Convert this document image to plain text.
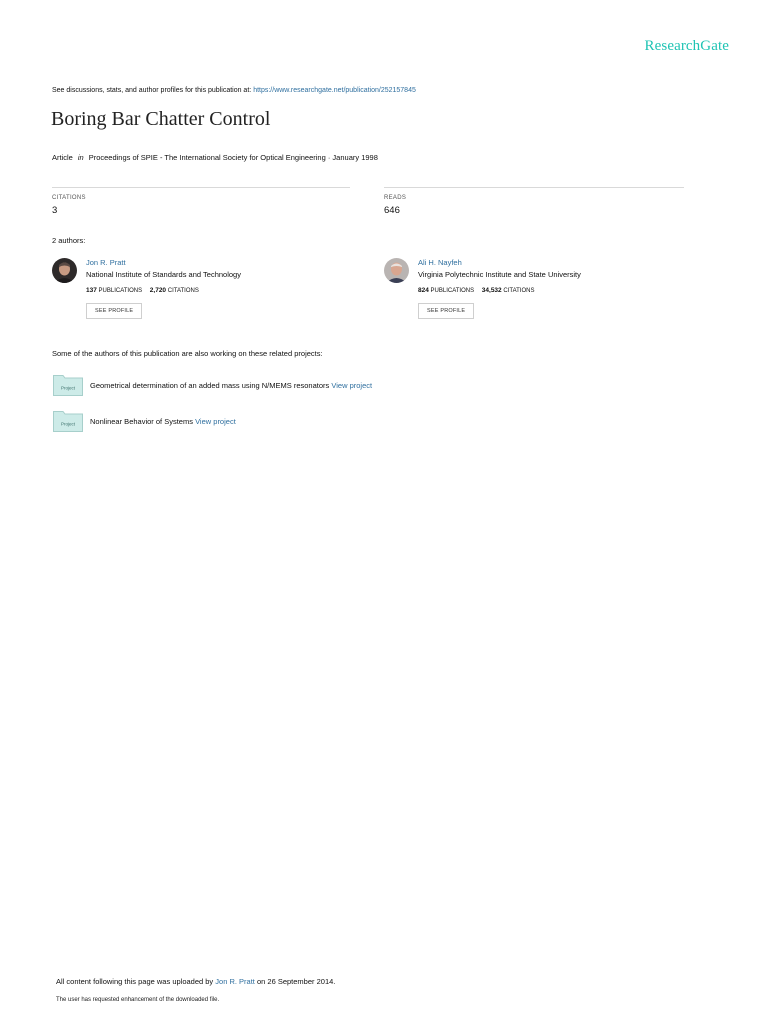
ResearchGate
See discussions, stats, and author profiles for this publication at: https://www.researchgate.net/publication/252157845
Boring Bar Chatter Control
Article in Proceedings of SPIE - The International Society for Optical Engineering · January 1998
CITATIONS
3
READS
646
2 authors:
Jon R. Pratt
National Institute of Standards and Technology
137 PUBLICATIONS 2,720 CITATIONS
SEE PROFILE
Ali H. Nayfeh
Virginia Polytechnic Institute and State University
824 PUBLICATIONS 34,532 CITATIONS
SEE PROFILE
Some of the authors of this publication are also working on these related projects:
Project Geometrical determination of an added mass using N/MEMS resonators View project
Project Nonlinear Behavior of Systems View project
All content following this page was uploaded by Jon R. Pratt on 26 September 2014.
The user has requested enhancement of the downloaded file.
